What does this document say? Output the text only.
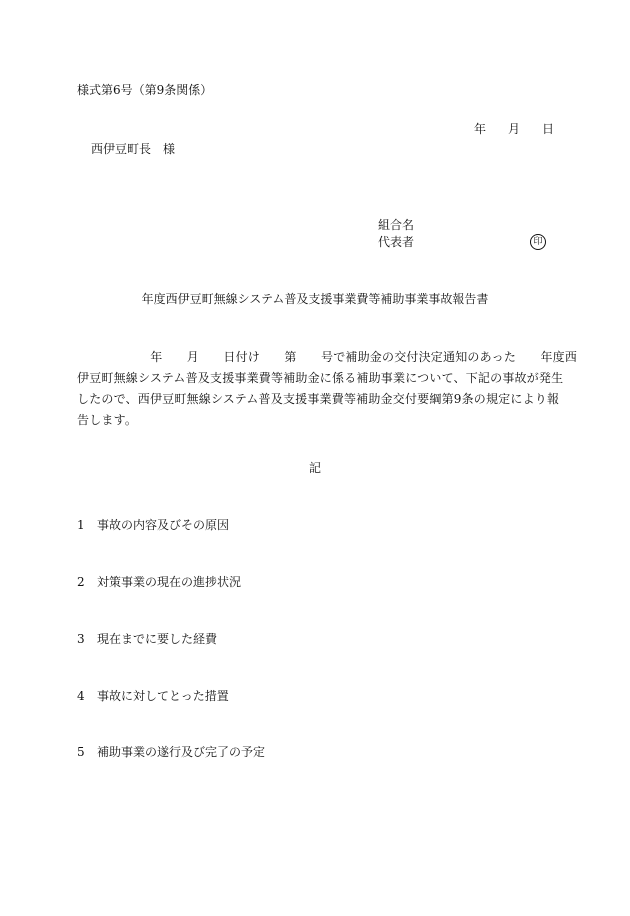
様式第6号（第9条関係）
年 月 日
西伊豆町長　様
組合名
代表者	印
年度西伊豆町無線システム普及支援事業費等補助事業事故報告書
　　　　　　年　　月　　日付け　　第　　号で補助金の交付決定通知のあった　　年度西
伊豆町無線システム普及支援事業費等補助金に係る補助事業について、下記の事故が発生
したので、西伊豆町無線システム普及支援事業費等補助金交付要綱第9条の規定により報
告します。
記
1 事故の内容及びその原因
2 対策事業の現在の進捗状況
3 現在までに要した経費
4 事故に対してとった措置
5 補助事業の遂行及び完了の予定
